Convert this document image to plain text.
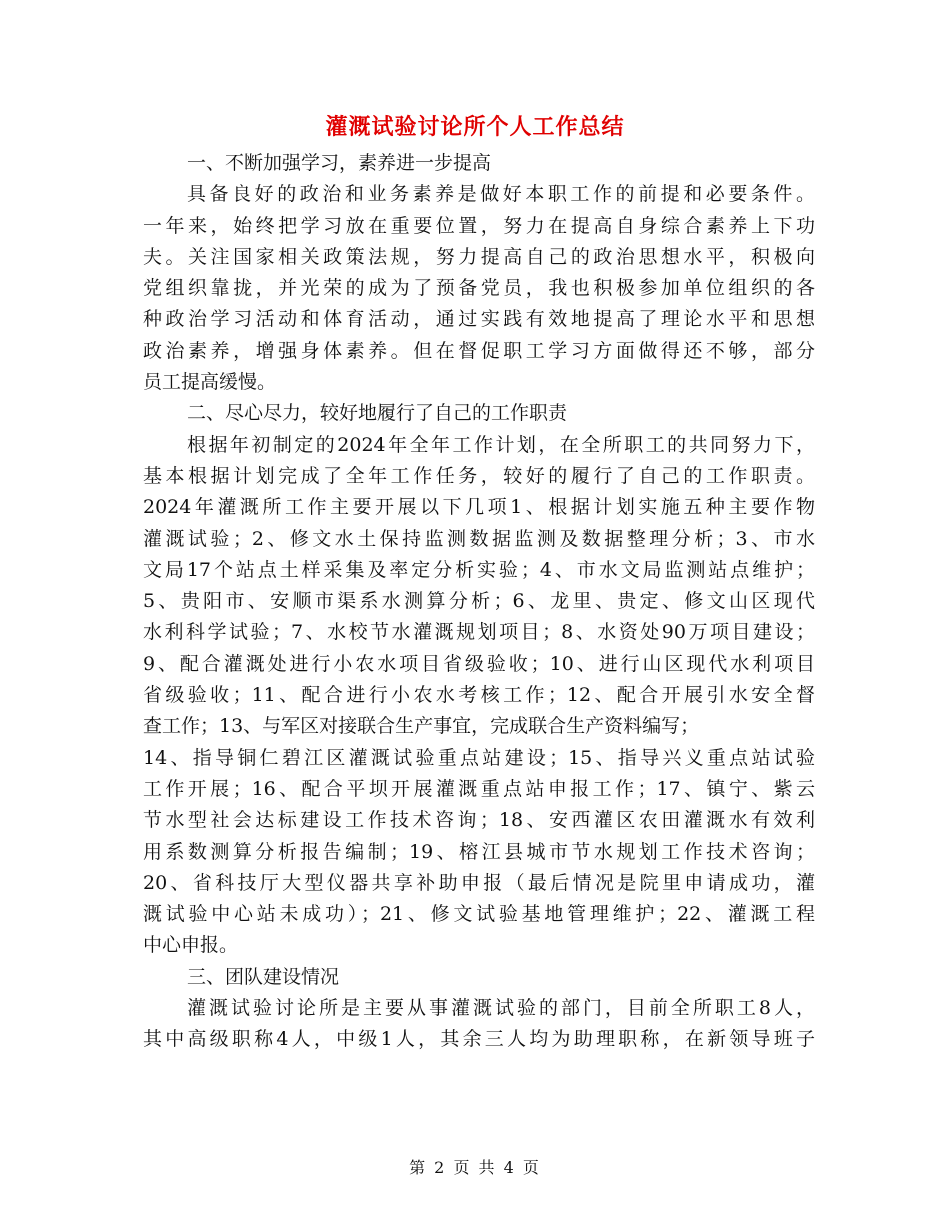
灌溉试验讨论所个人工作总结
一、不断加强学习，素养进一步提高
具备良好的政治和业务素养是做好本职工作的前提和必要条件。
一年来，始终把学习放在重要位置，努力在提高自身综合素养上下功
夫。关注国家相关政策法规，努力提高自己的政治思想水平，积极向
党组织靠拢，并光荣的成为了预备党员，我也积极参加单位组织的各
种政治学习活动和体育活动，通过实践有效地提高了理论水平和思想
政治素养，增强身体素养。但在督促职工学习方面做得还不够，部分
员工提高缓慢。
二、尽心尽力，较好地履行了自己的工作职责
根据年初制定的2024年全年工作计划，在全所职工的共同努力下，
基本根据计划完成了全年工作任务，较好的履行了自己的工作职责。
2024年灌溉所工作主要开展以下几项1、根据计划实施五种主要作物
灌溉试验；2、修文水土保持监测数据监测及数据整理分析；3、市水
文局17个站点土样采集及率定分析实验；4、市水文局监测站点维护；
5、贵阳市、安顺市渠系水测算分析；6、龙里、贵定、修文山区现代
水利科学试验；7、水校节水灌溉规划项目；8、水资处90万项目建设；
9、配合灌溉处进行小农水项目省级验收；10、进行山区现代水利项目
省级验收；11、配合进行小农水考核工作；12、配合开展引水安全督
查工作；13、与军区对接联合生产事宜，完成联合生产资料编写；
14、指导铜仁碧江区灌溉试验重点站建设；15、指导兴义重点站试验
工作开展；16、配合平坝开展灌溉重点站申报工作；17、镇宁、紫云
节水型社会达标建设工作技术咨询；18、安西灌区农田灌溉水有效利
用系数测算分析报告编制；19、榕江县城市节水规划工作技术咨询；
20、省科技厅大型仪器共享补助申报（最后情况是院里申请成功，灌
溉试验中心站未成功）；21、修文试验基地管理维护；22、灌溉工程
中心申报。
三、团队建设情况
灌溉试验讨论所是主要从事灌溉试验的部门，目前全所职工8人，
其中高级职称4人，中级1人，其余三人均为助理职称，在新领导班子
第 2 页 共 4 页
